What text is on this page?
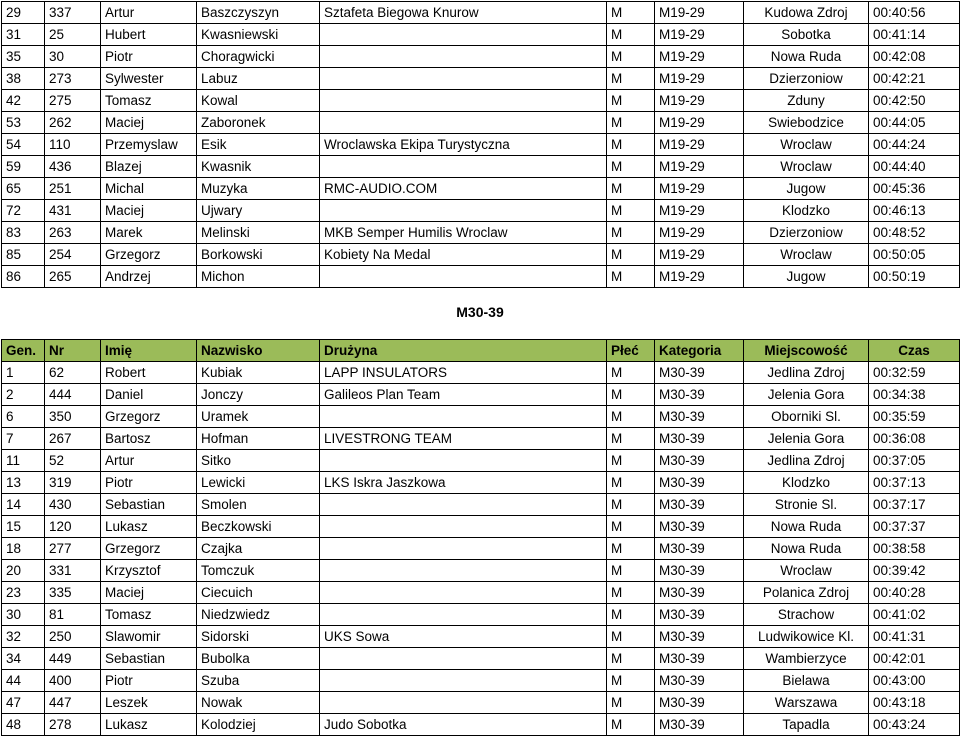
29	337	Artur	Baszczyszyn	Sztafeta Biegowa Knurow	M	M19-29	Kudowa Zdroj	00:40:56
31	25	Hubert	Kwasniewski		M	M19-29	Sobotka	00:41:14
35	30	Piotr	Choragwicki		M	M19-29	Nowa Ruda	00:42:08
38	273	Sylwester	Labuz		M	M19-29	Dzierzoniow	00:42:21
42	275	Tomasz	Kowal		M	M19-29	Zduny	00:42:50
53	262	Maciej	Zaboronek		M	M19-29	Swiebodzice	00:44:05
54	110	Przemyslaw	Esik	Wroclawska Ekipa Turystyczna	M	M19-29	Wroclaw	00:44:24
59	436	Blazej	Kwasnik		M	M19-29	Wroclaw	00:44:40
65	251	Michal	Muzyka	RMC-AUDIO.COM	M	M19-29	Jugow	00:45:36
72	431	Maciej	Ujwary		M	M19-29	Klodzko	00:46:13
83	263	Marek	Melinski	MKB Semper Humilis Wroclaw	M	M19-29	Dzierzoniow	00:48:52
85	254	Grzegorz	Borkowski	Kobiety Na Medal	M	M19-29	Wroclaw	00:50:05
86	265	Andrzej	Michon		M	M19-29	Jugow	00:50:19
M30-39
Gen.	Nr	Imię	Nazwisko	Drużyna	Płeć	Kategoria	Miejscowość	Czas
1	62	Robert	Kubiak	LAPP INSULATORS	M	M30-39	Jedlina Zdroj	00:32:59
2	444	Daniel	Jonczy	Galileos Plan Team	M	M30-39	Jelenia Gora	00:34:38
6	350	Grzegorz	Uramek		M	M30-39	Oborniki Sl.	00:35:59
7	267	Bartosz	Hofman	LIVESTRONG TEAM	M	M30-39	Jelenia Gora	00:36:08
11	52	Artur	Sitko		M	M30-39	Jedlina Zdroj	00:37:05
13	319	Piotr	Lewicki	LKS Iskra Jaszkowa	M	M30-39	Klodzko	00:37:13
14	430	Sebastian	Smolen		M	M30-39	Stronie Sl.	00:37:17
15	120	Lukasz	Beczkowski		M	M30-39	Nowa Ruda	00:37:37
18	277	Grzegorz	Czajka		M	M30-39	Nowa Ruda	00:38:58
20	331	Krzysztof	Tomczuk		M	M30-39	Wroclaw	00:39:42
23	335	Maciej	Ciecuich		M	M30-39	Polanica Zdroj	00:40:28
30	81	Tomasz	Niedzwiedz		M	M30-39	Strachow	00:41:02
32	250	Slawomir	Sidorski	UKS Sowa	M	M30-39	Ludwikowice Kl.	00:41:31
34	449	Sebastian	Bubolka		M	M30-39	Wambierzyce	00:42:01
44	400	Piotr	Szuba		M	M30-39	Bielawa	00:43:00
47	447	Leszek	Nowak		M	M30-39	Warszawa	00:43:18
48	278	Lukasz	Kolodziej	Judo Sobotka	M	M30-39	Tapadla	00:43:24
